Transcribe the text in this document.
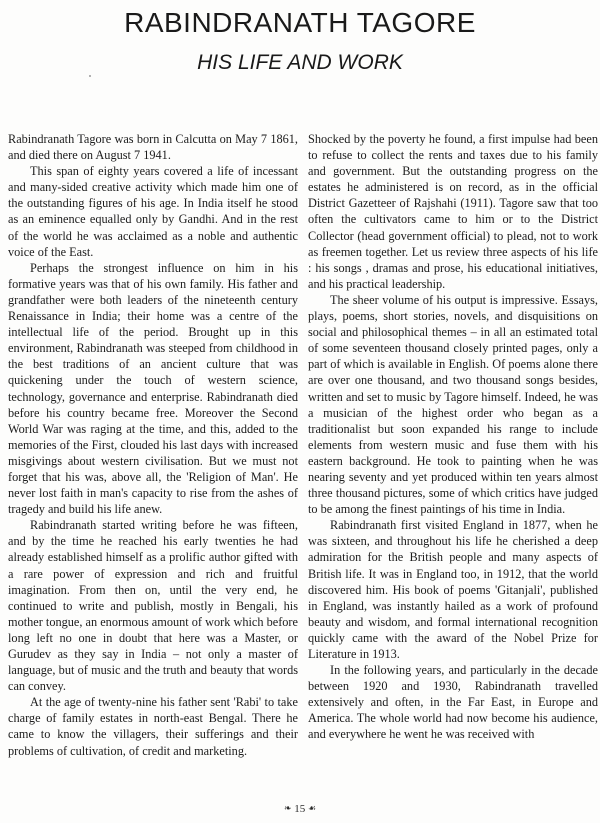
RABINDRANATH TAGORE
HIS LIFE AND WORK

Rabindranath Tagore was born in Calcutta on May 7 1861, and died there on August 7 1941.

This span of eighty years covered a life of incessant and many-sided creative activity which made him one of the outstanding figures of his age. In India itself he stood as an eminence equalled only by Gandhi. And in the rest of the world he was acclaimed as a noble and authentic voice of the East.

Perhaps the strongest influence on him in his formative years was that of his own family. His father and grandfather were both leaders of the nineteenth century Renaissance in India; their home was a centre of the intellectual life of the period. Brought up in this environment, Rabindranath was steeped from childhood in the best traditions of an ancient culture that was quickening under the touch of western science, technology, governance and enterprise. Rabindranath died before his country became free. Moreover the Second World War was raging at the time, and this, added to the memories of the First, clouded his last days with increased misgivings about western civilisation. But we must not forget that his was, above all, the 'Religion of Man'. He never lost faith in man's capacity to rise from the ashes of tragedy and build his life anew.

Rabindranath started writing before he was fifteen, and by the time he reached his early twenties he had already established himself as a prolific author gifted with a rare power of expression and rich and fruitful imagination. From then on, until the very end, he continued to write and publish, mostly in Bengali, his mother tongue, an enormous amount of work which before long left no one in doubt that here was a Master, or Gurudev as they say in India – not only a master of language, but of music and the truth and beauty that words can convey.

At the age of twenty-nine his father sent 'Rabi' to take charge of family estates in north-east Bengal. There he came to know the villagers, their sufferings and their problems of cultivation, of credit and marketing.

Shocked by the poverty he found, a first impulse had been to refuse to collect the rents and taxes due to his family and government. But the outstanding progress on the estates he administered is on record, as in the official District Gazetteer of Rajshahi (1911). Tagore saw that too often the cultivators came to him or to the District Collector (head government official) to plead, not to work as freemen together. Let us review three aspects of his life : his songs , dramas and prose, his educational initiatives, and his practical leadership.

The sheer volume of his output is impressive. Essays, plays, poems, short stories, novels, and disquisitions on social and philosophical themes – in all an estimated total of some seventeen thousand closely printed pages, only a part of which is available in English. Of poems alone there are over one thousand, and two thousand songs besides, written and set to music by Tagore himself. Indeed, he was a musician of the highest order who began as a traditionalist but soon expanded his range to include elements from western music and fuse them with his eastern background. He took to painting when he was nearing seventy and yet produced within ten years almost three thousand pictures, some of which critics have judged to be among the finest paintings of his time in India.

Rabindranath first visited England in 1877, when he was sixteen, and throughout his life he cherished a deep admiration for the British people and many aspects of British life. It was in England too, in 1912, that the world discovered him. His book of poems 'Gitanjali', published in England, was instantly hailed as a work of profound beauty and wisdom, and formal international recognition quickly came with the award of the Nobel Prize for Literature in 1913.

In the following years, and particularly in the decade between 1920 and 1930, Rabindranath travelled extensively and often, in the Far East, in Europe and America. The whole world had now become his audience, and everywhere he went he was received with

❧ 15 ☙
